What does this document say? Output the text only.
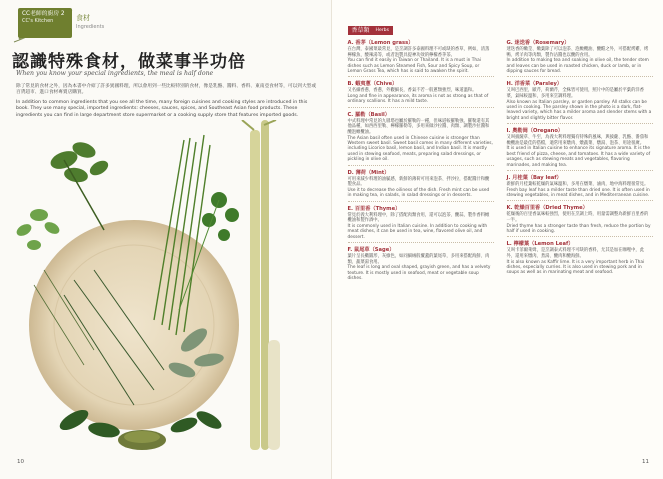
CC老師的廚房 2
CC's Kitchen	食材
Ingredients
認識特殊食材，做菜事半功倍
When you know your special ingredients, the meal is half done

除了常見的食材之外，因為本書中介紹了許多異國料理，所以會用到一些比較特別的食材，像是乳酪、醬料、香料、東南亞食材等，可以到大型或百貨超市、進口食材專賣店購買。

In addition to common ingredients that you see all the time, many foreign cuisines and cooking styles are introduced in this book. They use many special, imported ingredients: cheeses, sauces, spices, and Southeast Asian food products. These ingredients you can find in large department store supermarket or a cooking supply store that features imported goods.

10
香草類 Herbs
A. 香茅（Lemon grass）

在台灣，泰國菜最常見，是烹調許多泰國料理不可或缺的香草，例如，清蒸檸檬魚、酸辣湯等，或者泡製具提神功效的檸檬香茅茶。

You can find it easily in Taiwan or Thailand. It is a must in Thai dishes such as Lemon Steamed Fish, Sour and Spicy Soup, or Lemon Grass Tea, which has is said to awaken the spirit.

B. 蝦夷蔥（Chive）

又名細香蔥，香蔥，外觀細長，香氣不若一般蔥類強烈，味道溫和。

Long and fine in appearance, its aroma is not as strong as that of ordinary scallions. It has a mild taste.

C. 羅勒（Basil）

中式料理中常見的九層塔也屬於羅勒的一種，但味道較羅勒強。羅勒還有其他品種，如西西里勒、檸檬羅勒等，多用來做沙拉醬、肉類、調製沙拉醬和醃泡橄欖油。

The Asian basil often used in Chinese cuisine is stronger than Western sweet basil. Sweet basil comes in many different varieties, including Licorice basil, lemon basil, and Indian basil. It is mostly used in stewing seafood, meats, preparing salad dressings, or pickling in olive oil.

D. 薄荷（Mint）

可用來減少料理的油膩感，新鮮的薄荷可用來泡茶、拌沙拉，搭配醬汁和醃製食品。

Use it to decrease the oiliness of the dish. Fresh mint can be used in making tea, in salads, in salad dressings or in desserts.

E. 百里香（Thyme）

常見於義大利料理中，除了搭配肉類食用，還可以泡茶、醃蒜，製作香料橄欖油和製作酒中。

It is commonly used in Italian cuisine. In addition to cooking with meat dishes, it can be used in tea, wine, flavored olive oil, and dessert.

F. 鼠尾草（Sage）

葉片呈長橢圓形，灰綠色，如同細絨般覆蓋的葉尾草，多用來搭配海鮮、肉類、蔬菜湯食用。

The leaf is long and oval shaped, grayish green, and has a velvety texture. It is mostly used in seafood, meat or vegetable soup dishes.

G. 迷迭香（Rosemary）

迷迭香的嫩莖、嫩葉除了可以泡茶、泡橄欖油、醃酷之外，可搭配烤雞、烤鴨、烤羊肉等肉類，製作沾醬也以醃的食用。

In addition to making tea and soaking in olive oil, the tender stem and leaves can be used in roasted chicken, duck or lamb, or in dipping sauces for bread.

H. 洋香菜（Parsley）

又叫巴西里，歐芹，荷蘭芹，全株皆可使用，照片中的是屬於平葉的洋香菜，氣味較溫和，多用來烹調料理。

Also known as Italian parsley, or garden parsley. All stalks can be used in cooking. The parsley shown in the photo is a dark, flat-leaved variety, which has a milder aroma and slender stems with a bright and slightly bitter flavor.

I. 奧勒岡（Oregano）

又叫披薩草、牛至，為義大利料理獨有特殊的風味，與披薩、乳酪、番茄和橄欖油是最佳的搭檔，適常用來燉肉、燉蔬菜、燉湯、泡茶、用途很廣。

It is used in Italian cuisine to enhance its signature aroma. It is the best friend of pizza, cheese, and tomatoes. It has a wide variety of usages, such as stewing meats and vegetables, flavoring marinades, and making tea.

J. 月桂葉（Bay leaf）

新鮮的月桂葉較乾燥的氣味溫和，多用在燉菜、滷肉，地中海料理很常見。

Fresh bay leaf has a milder taste than dried one. It is often used in stewing vegetables, in meat dishes, and in Mediterranean cuisine.

K. 乾燥百里香（Dried Thyme）

乾燥後的百里香氣味較強烈，使用在烹調上時，用量需調整為新鮮百里香的一半。

Dried thyme has a stronger taste than fresh, reduce the portion by half if used in cooking.

L. 檸檬葉（Lemon Leaf）

又叫卡菲爾萊姆，是烹調泰式料理不可缺的香料，尤其是加在咖哩中，此外，還用來燉肉、煮湯、醃肉和醃海鮮。

It is also known as Kaffir lime. It is a very important herb in Thai dishes, especially curries. It is also used in stewing pork and in soups as well as in marinating meat and seafood.

11
